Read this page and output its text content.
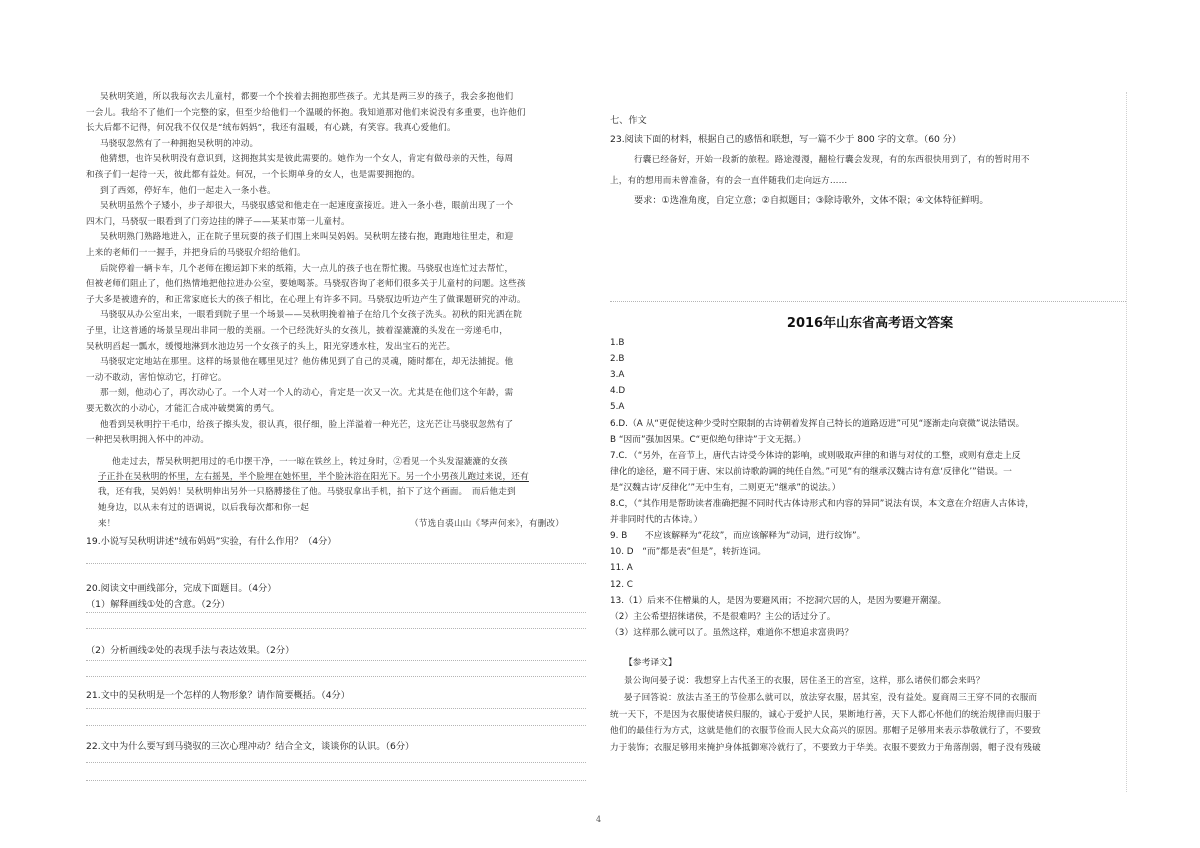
吴秋明笑道，所以我每次去儿童村，都要一个个挨着去拥抱那些孩子。尤其是两三岁的孩子，我会多抱他们
一会儿。我给不了他们一个完整的家，但至少给他们一个温暖的怀抱。我知道那对他们来说没有多重要，也许他们
长大后都不记得，何况我不仅仅是“绒布妈妈”，我还有温暖，有心跳，有笑容。我真心爱他们。
马骁驭忽然有了一种拥抱吴秋明的冲动。
他猜想，也许吴秋明没有意识到，这拥抱其实是彼此需要的。她作为一个女人，肯定有做母亲的天性，每周
和孩子们一起待一天，彼此都有益处。何况，一个长期单身的女人，也是需要拥抱的。
到了西郊，停好车，他们一起走入一条小巷。
吴秋明虽然个子矮小，步子却很大，马骁驭感觉和他走在一起速度蛮接近。进入一条小巷，眼前出现了一个
四木门，马骁驭一眼看到了门旁边挂的牌子——某某市第一儿童村。
吴秋明熟门熟路地进入，正在院子里玩耍的孩子们围上来叫吴妈妈。吴秋明左搂右抱，跑跑地往里走，和迎
上来的老师们一一握手，并把身后的马骁驭介绍给他们。
后院停着一辆卡车，几个老师在搬运卸下来的纸箱，大一点儿的孩子也在帮忙搬。马骁驭也连忙过去帮忙，
但被老师们阻止了，他们热情地把他拉进办公室，要她喝茶。马骁驭咨询了老师们很多关于儿童村的问题。这些孩
子大多是被遗弃的，和正常家庭长大的孩子相比，在心理上有许多不同。马骁驭边听边产生了做课题研究的冲动。
马骁驭从办公室出来，一眼看到院子里一个场景——吴秋明挽着袖子在给几个女孩子洗头。初秋的阳光洒在院
子里，让这普通的场景呈现出非同一般的美丽。一个已经洗好头的女孩儿，披着湿漉漉的头发在一旁递毛巾，
吴秋明舀起一瓢水，缓慢地淋到水池边另一个女孩子的头上，阳光穿透水柱，发出宝石的光芒。
马骁驭定定地站在那里。这样的场景他在哪里见过？他仿佛见到了自己的灵魂，随时都在，却无法捕捉。他
一动不敢动，害怕惊动它，打碎它。
那一刻，他动心了，再次动心了。一个人对一个人的动心，肯定是一次又一次。尤其是在他们这个年龄，需
要无数次的小动心，才能汇合成冲破樊篱的勇气。
他看到吴秋明拧干毛巾，给孩子擦头发，很认真，很仔细，脸上洋溢着一种光芒，这光芒让马骁驭忽然有了
一种把吴秋明拥入怀中的冲动。
他走过去，帮吴秋明把用过的毛巾摆干净，一一晾在铁丝上，转过身时，②看见一个头发湿漉漉的女孩
子正扑在吴秋明的怀里，左右摇晃，半个脸埋在她怀里，半个脸沐浴在阳光下。另一个小男孩儿跑过来说，还有
我，还有我，吴妈妈！吴秋明伸出另外一只胳膊搂住了他。马骁驭拿出手机，拍下了这个画面。　而后他走到
她身边，以从未有过的语调说，以后我每次都和你一起
来！	（节选自裘山山《琴声何来》，有删改）
19.小说写吴秋明讲述“绒布妈妈”实验，有什么作用？（4分）
20.阅读文中画线部分，完成下面题目。（4分）
（1）解释画线①处的含意。（2分）
（2）分析画线②处的表现手法与表达效果。（2分）
21.文中的吴秋明是一个怎样的人物形象？请作简要概括。（4分）
22.文中为什么要写到马骁驭的三次心理冲动？结合全文，谈谈你的认识。（6分）
七、作文
23.阅读下面的材料，根据自己的感悟和联想，写一篇不少于 800 字的文章。（60 分）
行囊已经备好，开始一段新的旅程。路途漫漫，翻检行囊会发现，有的东西很快用到了，有的暂时用不
上，有的想用而未曾准备，有的会一直伴随我们走向远方……
要求：①选准角度，自定立意；②自拟题目；③除诗歌外，文体不限；④文体特征鲜明。
2016年山东省高考语文答案
1.B
2.B
3.A
4.D
5.A
6.D.（A 从“更促使这种少受时空限制的古诗朝着发挥自己特长的道路迈进”可见“逐渐走向衰微”说法错误。
B “因而”强加因果。C“更似绝句律诗”于文无据。）
7.C．（“另外，在音节上，唐代古诗受今体诗的影响，或则吸取声律的和谐与对仗的工整，或则有意走上反
律化的途径，避不同于唐、宋以前诗歌韵调的纯任自然。”可见“有的继承汉魏古诗有意‘反律化’”错误。一
是“汉魏古诗‘反律化’”无中生有，二则更无“继承”的说法。）
8.C，（“其作用是帮助读者准确把握不同时代古体诗形式和内容的异同”说法有误，本文意在介绍唐人古体诗，
并非同时代的古体诗。）
9. B　　不应该解释为“花纹”，而应该解释为“动词，进行纹饰”。
10. D　“而”都是表“但是”，转折连词。
11. A
12. C
13.（1）后来不住橧巢的人，是因为要避风雨；不挖洞穴居的人，是因为要避开潮湿。
（2）主公希望招徕诸侯，不是很难吗？主公的话过分了。
（3）这样那么就可以了。虽然这样，难道你不想追求富贵吗？
【参考译文】
景公询问晏子说：我想穿上古代圣王的衣服，居住圣王的宫室，这样，那么诸侯们都会来吗？
晏子回答说：放法古圣王的节俭那么就可以，放法穿衣服，居其室，没有益处。夏商周三王穿不同的衣服而
统一天下，不是因为衣服使诸侯归服的，诚心于爱护人民，果断地行善，天下人都心怀他们的统治规律而归服于
他们的最佳行为方式，这就是他们的衣服节俭而人民大众高兴的原因。那帽子足够用来表示恭敬就行了，不要致
力于装饰；衣服足够用来掩护身体抵御寒冷就行了，不要致力于华美。衣服不要致力于角落削弱，帽子没有残破
4
